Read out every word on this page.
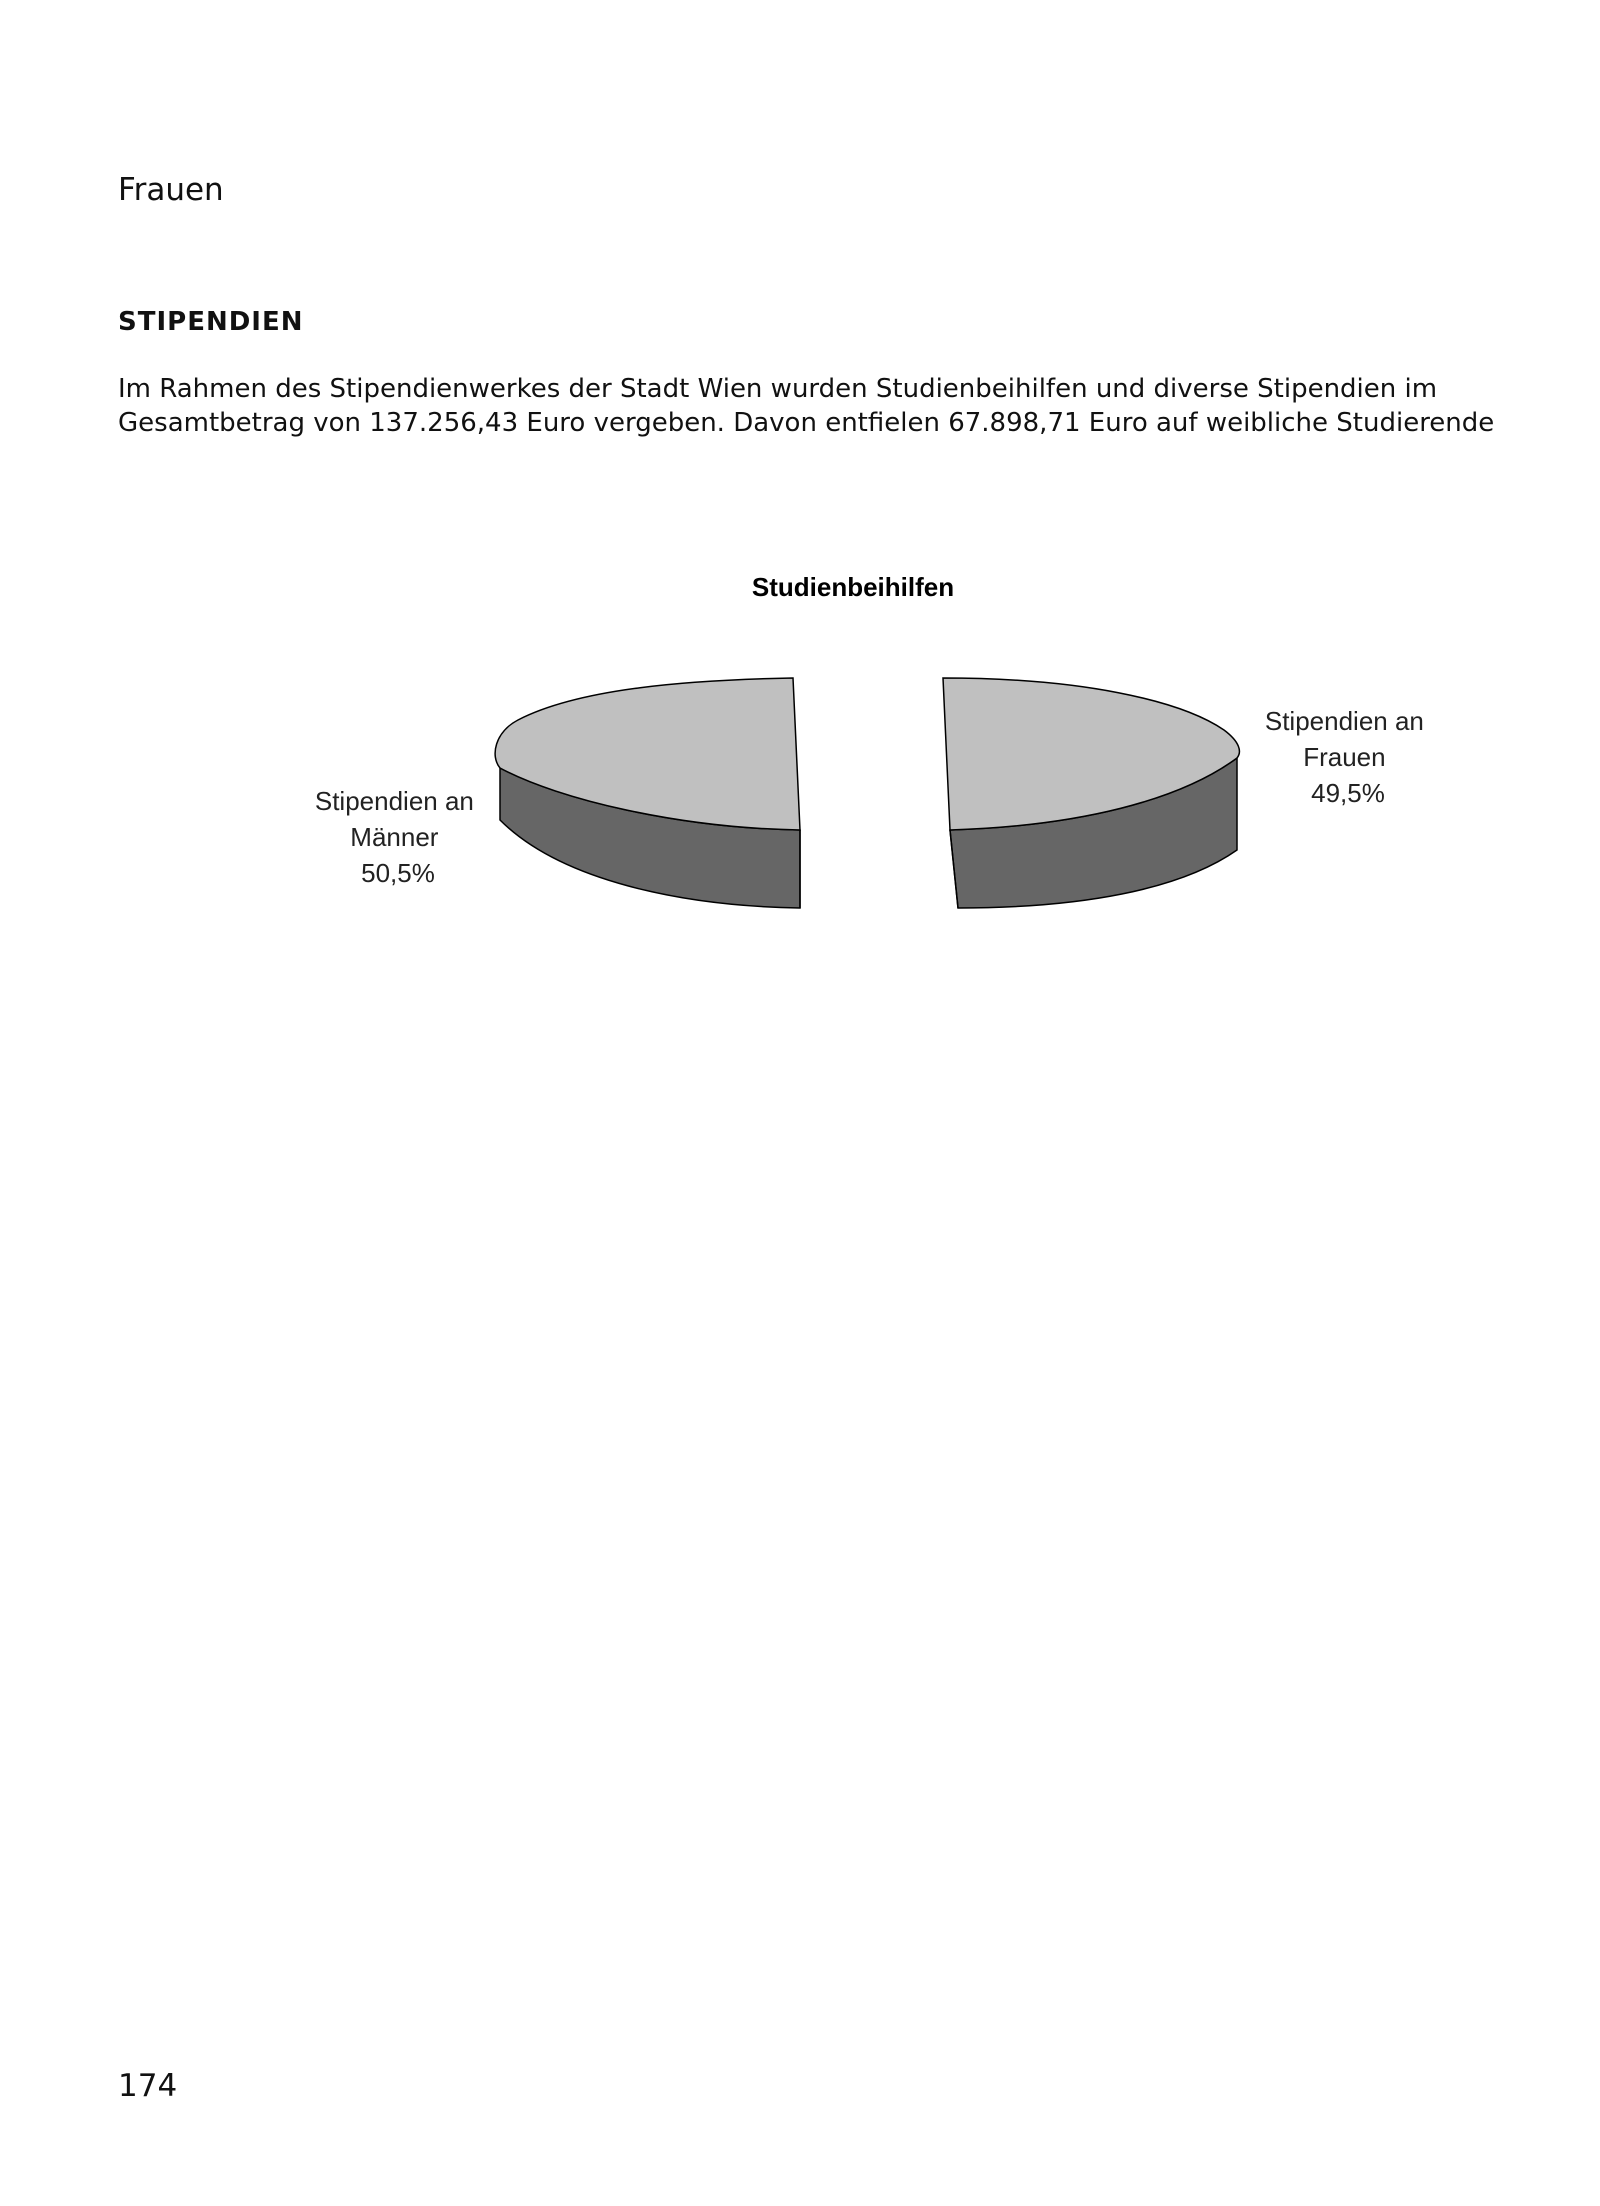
Frauen
STIPENDIEN

Im Rahmen des Stipendienwerkes der Stadt Wien wurden Studienbeihilfen und diverse Stipendien im Gesamtbetrag von 137.256,43 Euro vergeben. Davon entfielen 67.898,71 Euro auf weibliche Studierende

Studienbeihilfen
Stipendien an Männer 50,5%
Stipendien an Frauen 49,5%

174
